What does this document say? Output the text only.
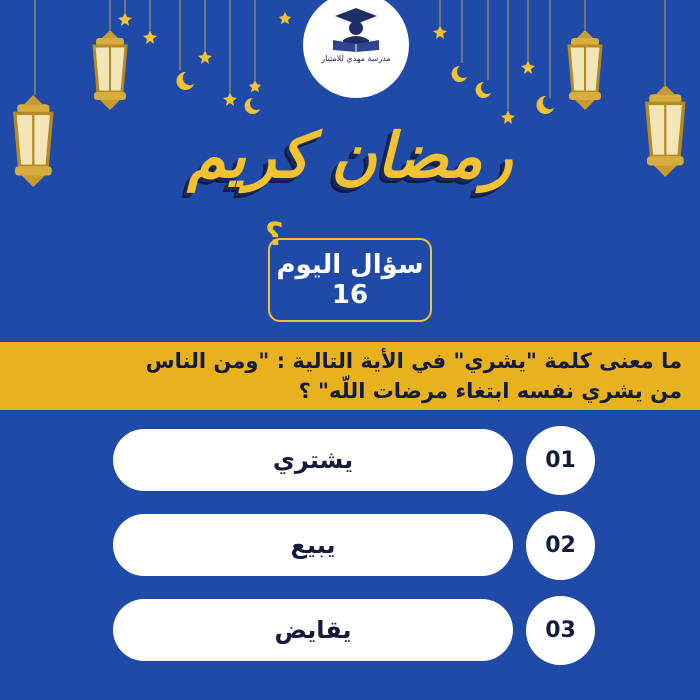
مدرسة مهدي للامتياز
رمضان كريم
؟
سؤال اليوم
16
ما معنى كلمة "يشري" في الأية التالية : "ومن الناس
من يشري نفسه ابتغاء مرضات اللّه" ؟
يشتري	01
يبيع	02
يقايض	03
